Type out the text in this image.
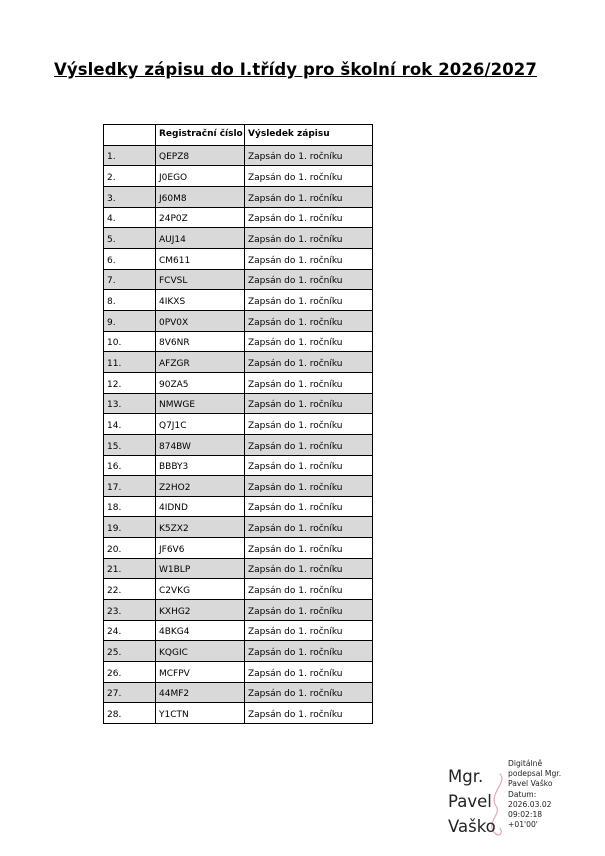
Výsledky zápisu do I.třídy pro školní rok 2026/2027
	Registrační číslo	Výsledek zápisu
1.	QEPZ8	Zapsán do 1. ročníku
2.	J0EGO	Zapsán do 1. ročníku
3.	J60M8	Zapsán do 1. ročníku
4.	24P0Z	Zapsán do 1. ročníku
5.	AUJ14	Zapsán do 1. ročníku
6.	CM611	Zapsán do 1. ročníku
7.	FCVSL	Zapsán do 1. ročníku
8.	4IKXS	Zapsán do 1. ročníku
9.	0PV0X	Zapsán do 1. ročníku
10.	8V6NR	Zapsán do 1. ročníku
11.	AFZGR	Zapsán do 1. ročníku
12.	90ZA5	Zapsán do 1. ročníku
13.	NMWGE	Zapsán do 1. ročníku
14.	Q7J1C	Zapsán do 1. ročníku
15.	874BW	Zapsán do 1. ročníku
16.	BBBY3	Zapsán do 1. ročníku
17.	Z2HO2	Zapsán do 1. ročníku
18.	4IDND	Zapsán do 1. ročníku
19.	K5ZX2	Zapsán do 1. ročníku
20.	JF6V6	Zapsán do 1. ročníku
21.	W1BLP	Zapsán do 1. ročníku
22.	C2VKG	Zapsán do 1. ročníku
23.	KXHG2	Zapsán do 1. ročníku
24.	4BKG4	Zapsán do 1. ročníku
25.	KQGIC	Zapsán do 1. ročníku
26.	MCFPV	Zapsán do 1. ročníku
27.	44MF2	Zapsán do 1. ročníku
28.	Y1CTN	Zapsán do 1. ročníku
Mgr.
Pavel
Vaško
Digitálně
podepsal Mgr.
Pavel Vaško
Datum:
2026.03.02
09:02:18
+01'00'
